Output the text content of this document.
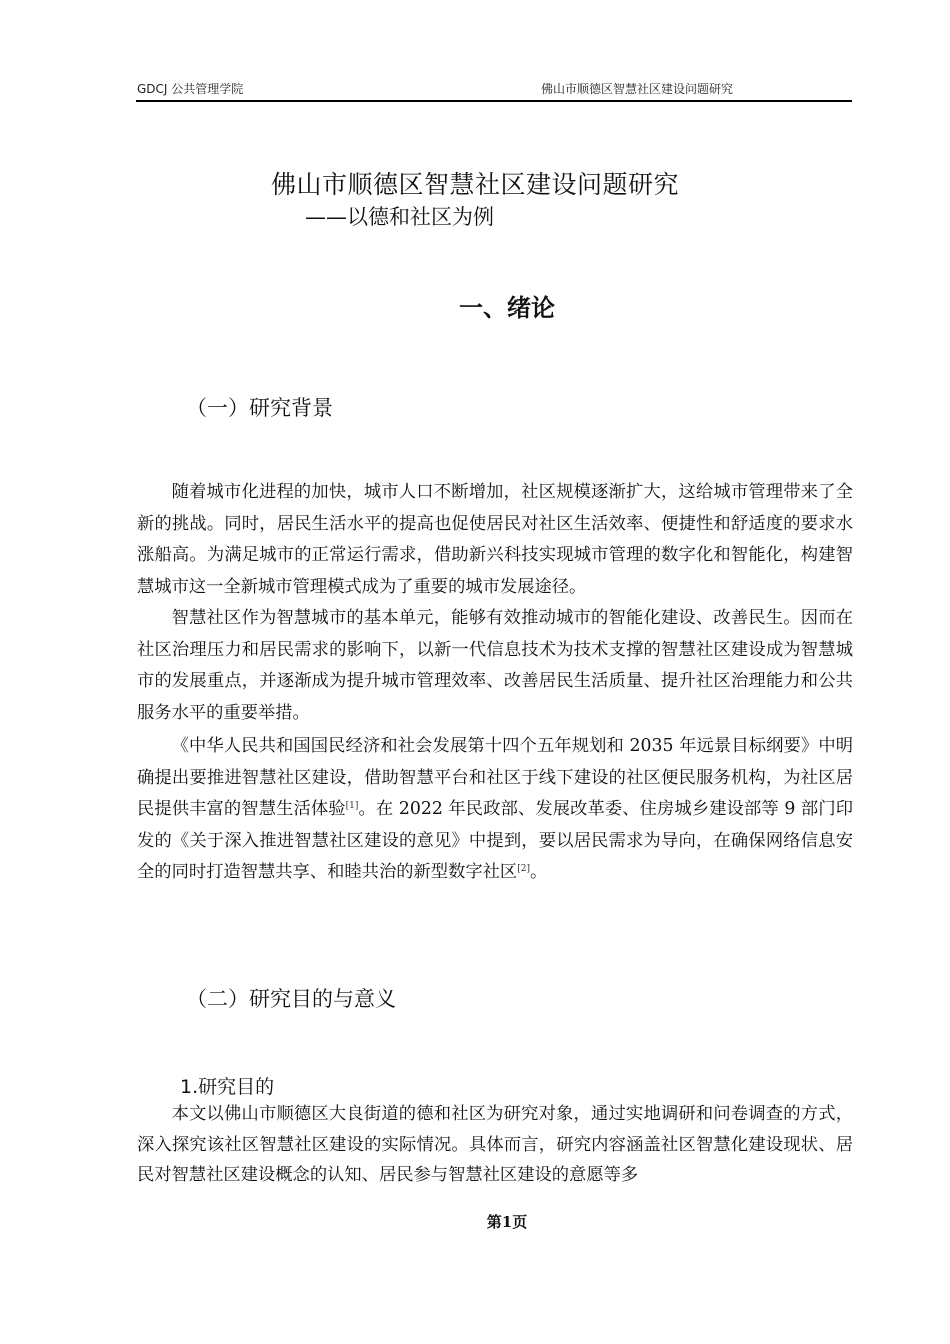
GDCJ 公共管理学院	佛山市顺德区智慧社区建设问题研究
佛山市顺德区智慧社区建设问题研究
——以德和社区为例
一、绪论
（一）研究背景

随着城市化进程的加快，城市人口不断增加，社区规模逐渐扩大，这给城市管理带来了全新的挑战。同时，居民生活水平的提高也促使居民对社区生活效率、便捷性和舒适度的要求水涨船高。为满足城市的正常运行需求，借助新兴科技实现城市管理的数字化和智能化，构建智慧城市这一全新城市管理模式成为了重要的城市发展途径。

智慧社区作为智慧城市的基本单元，能够有效推动城市的智能化建设、改善民生。因而在社区治理压力和居民需求的影响下，以新一代信息技术为技术支撑的智慧社区建设成为智慧城市的发展重点，并逐渐成为提升城市管理效率、改善居民生活质量、提升社区治理能力和公共服务水平的重要举措。

《中华人民共和国国民经济和社会发展第十四个五年规划和 2035 年远景目标纲要》中明确提出要推进智慧社区建设，借助智慧平台和社区于线下建设的社区便民服务机构，为社区居民提供丰富的智慧生活体验[1]。在 2022 年民政部、发展改革委、住房城乡建设部等 9 部门印发的《关于深入推进智慧社区建设的意见》中提到，要以居民需求为导向，在确保网络信息安全的同时打造智慧共享、和睦共治的新型数字社区[2]。

（二）研究目的与意义
1.研究目的

本文以佛山市顺德区大良街道的德和社区为研究对象，通过实地调研和问卷调查的方式，深入探究该社区智慧社区建设的实际情况。具体而言，研究内容涵盖社区智慧化建设现状、居民对智慧社区建设概念的认知、居民参与智慧社区建设的意愿等多

第1页
